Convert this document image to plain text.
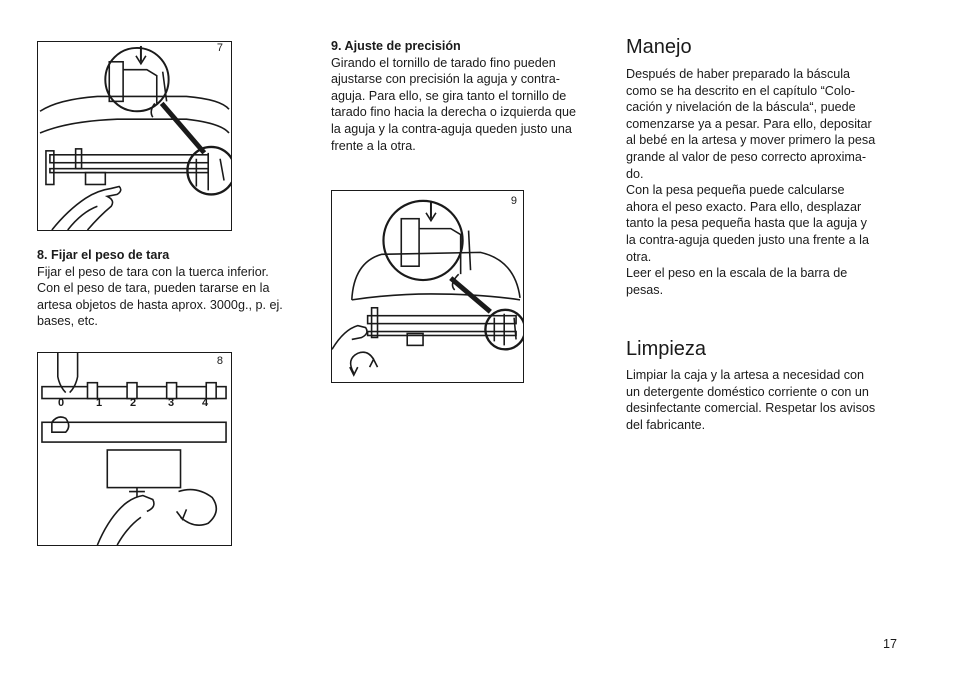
7

8. Fijar el peso de tara

Fijar el peso de tara con la tuerca inferior.

Con el peso de tara, pueden tararse en la

artesa objetos de hasta aprox. 3000g., p. ej.

bases, etc.

8
0	1	2	3	4

9. Ajuste de precisión

Girando el tornillo de tarado fino pueden

ajustarse con precisión la aguja y contra-

aguja. Para ello, se gira tanto el tornillo de

tarado fino hacia la derecha o izquierda que

la aguja y la contra-aguja queden justo una

frente a la otra.

9
Manejo

Después de haber preparado la báscula

como se ha descrito en el capítulo “Colo-

cación y nivelación de la báscula“, puede

comenzarse ya a pesar. Para ello, depositar

al bebé en la artesa y mover primero la pesa

grande al valor de peso correcto aproxima-

do.

Con la pesa pequeña puede calcularse

ahora el peso exacto. Para ello, desplazar

tanto la pesa pequeña hasta que la aguja y

la contra-aguja queden justo una frente a la

otra.

Leer el peso en la escala de la barra de

pesas.

Limpieza

Limpiar la caja y la artesa a necesidad con

un detergente doméstico corriente o con un

desinfectante comercial. Respetar los avisos

del fabricante.

17
